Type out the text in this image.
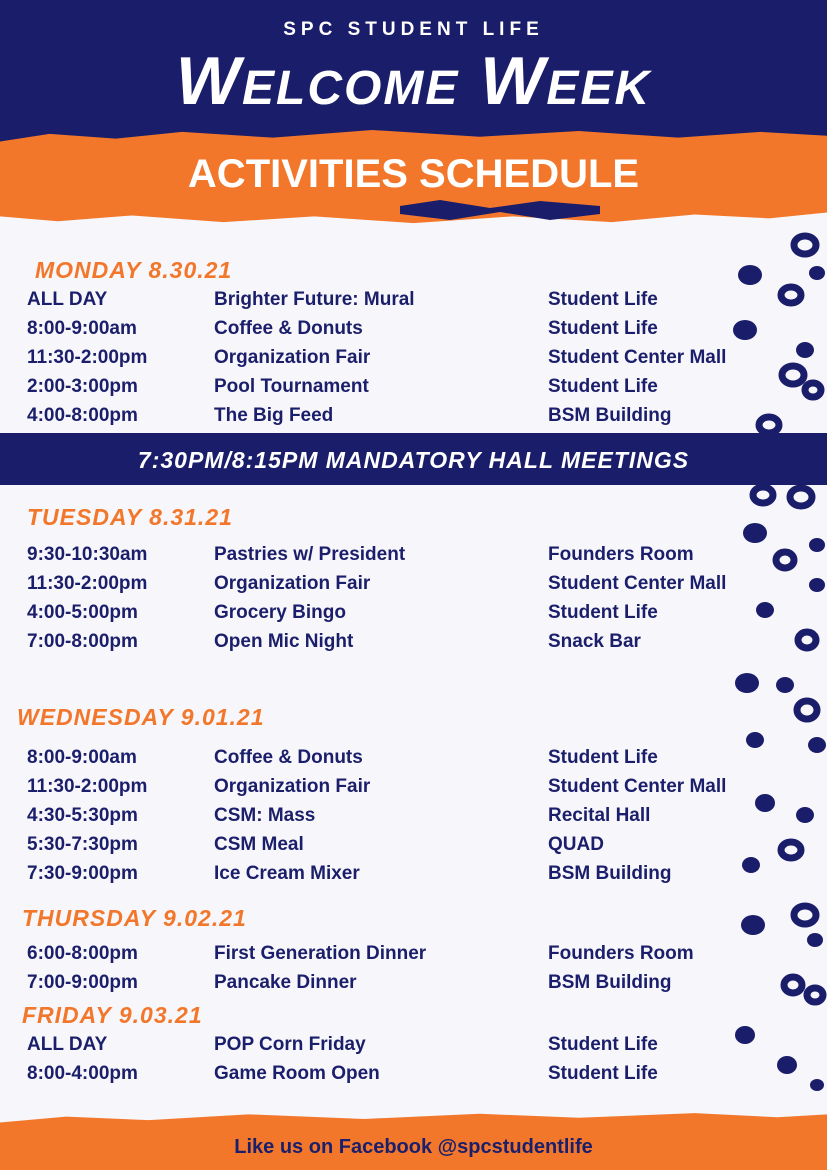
SPC STUDENT LIFE
Welcome Week
ACTIVITIES SCHEDULE
MONDAY 8.30.21
ALL DAY	Brighter Future: Mural	Student Life
8:00-9:00am	Coffee & Donuts	Student Life
11:30-2:00pm	Organization Fair	Student Center Mall
2:00-3:00pm	Pool Tournament	Student Life
4:00-8:00pm	The Big Feed	BSM Building
7:30PM/8:15PM MANDATORY HALL MEETINGS
TUESDAY 8.31.21
9:30-10:30am	Pastries w/ President	Founders Room
11:30-2:00pm	Organization Fair	Student Center Mall
4:00-5:00pm	Grocery Bingo	Student Life
7:00-8:00pm	Open Mic Night	Snack Bar
WEDNESDAY 9.01.21
8:00-9:00am	Coffee & Donuts	Student Life
11:30-2:00pm	Organization Fair	Student Center Mall
4:30-5:30pm	CSM: Mass	Recital Hall
5:30-7:30pm	CSM Meal	QUAD
7:30-9:00pm	Ice Cream Mixer	BSM Building
THURSDAY 9.02.21
6:00-8:00pm	First Generation Dinner	Founders Room
7:00-9:00pm	Pancake Dinner	BSM Building
FRIDAY 9.03.21
ALL DAY	POP Corn Friday	Student Life
8:00-4:00pm	Game Room Open	Student Life
Like us on Facebook @spcstudentlife
